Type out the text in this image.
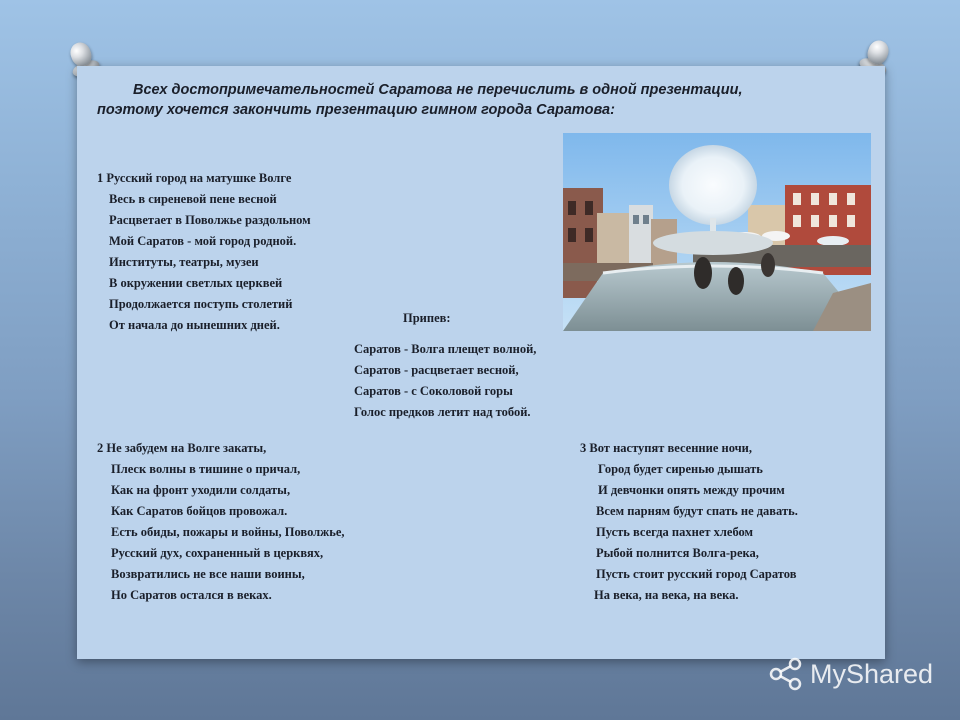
Всех достопримечательностей Саратова не перечислить в одной презентации,
поэтому хочется закончить презентацию гимном города Саратова:
1 Русский город на матушке Волге
Весь в сиреневой пене весной
Расцветает в Поволжье раздольном
Мой Саратов - мой город родной.
Институты, театры, музеи
В окружении светлых церквей
Продолжается поступь столетий
От начала до нынешних дней.	Припев:
Саратов - Волга плещет волной,
Саратов - расцветает весной,
Саратов - с Соколовой горы
Голос предков летит над тобой.
2 Не забудем на Волге закаты,
Плеск волны в тишине о причал,
Как на фронт уходили солдаты,
Как Саратов бойцов провожал.
Есть обиды, пожары и войны, Поволжье,
Русский дух, сохраненный в церквях,
Возвратились не все наши воины,
Но Саратов остался в веках.
3 Вот наступят весенние ночи,
Город будет сиренью дышать
И девчонки опять между прочим
Всем парням будут спать не давать.
Пусть всегда пахнет хлебом
Рыбой полнится Волга-река,
Пусть стоит русский город Саратов
На века, на века, на века.
MyShared
